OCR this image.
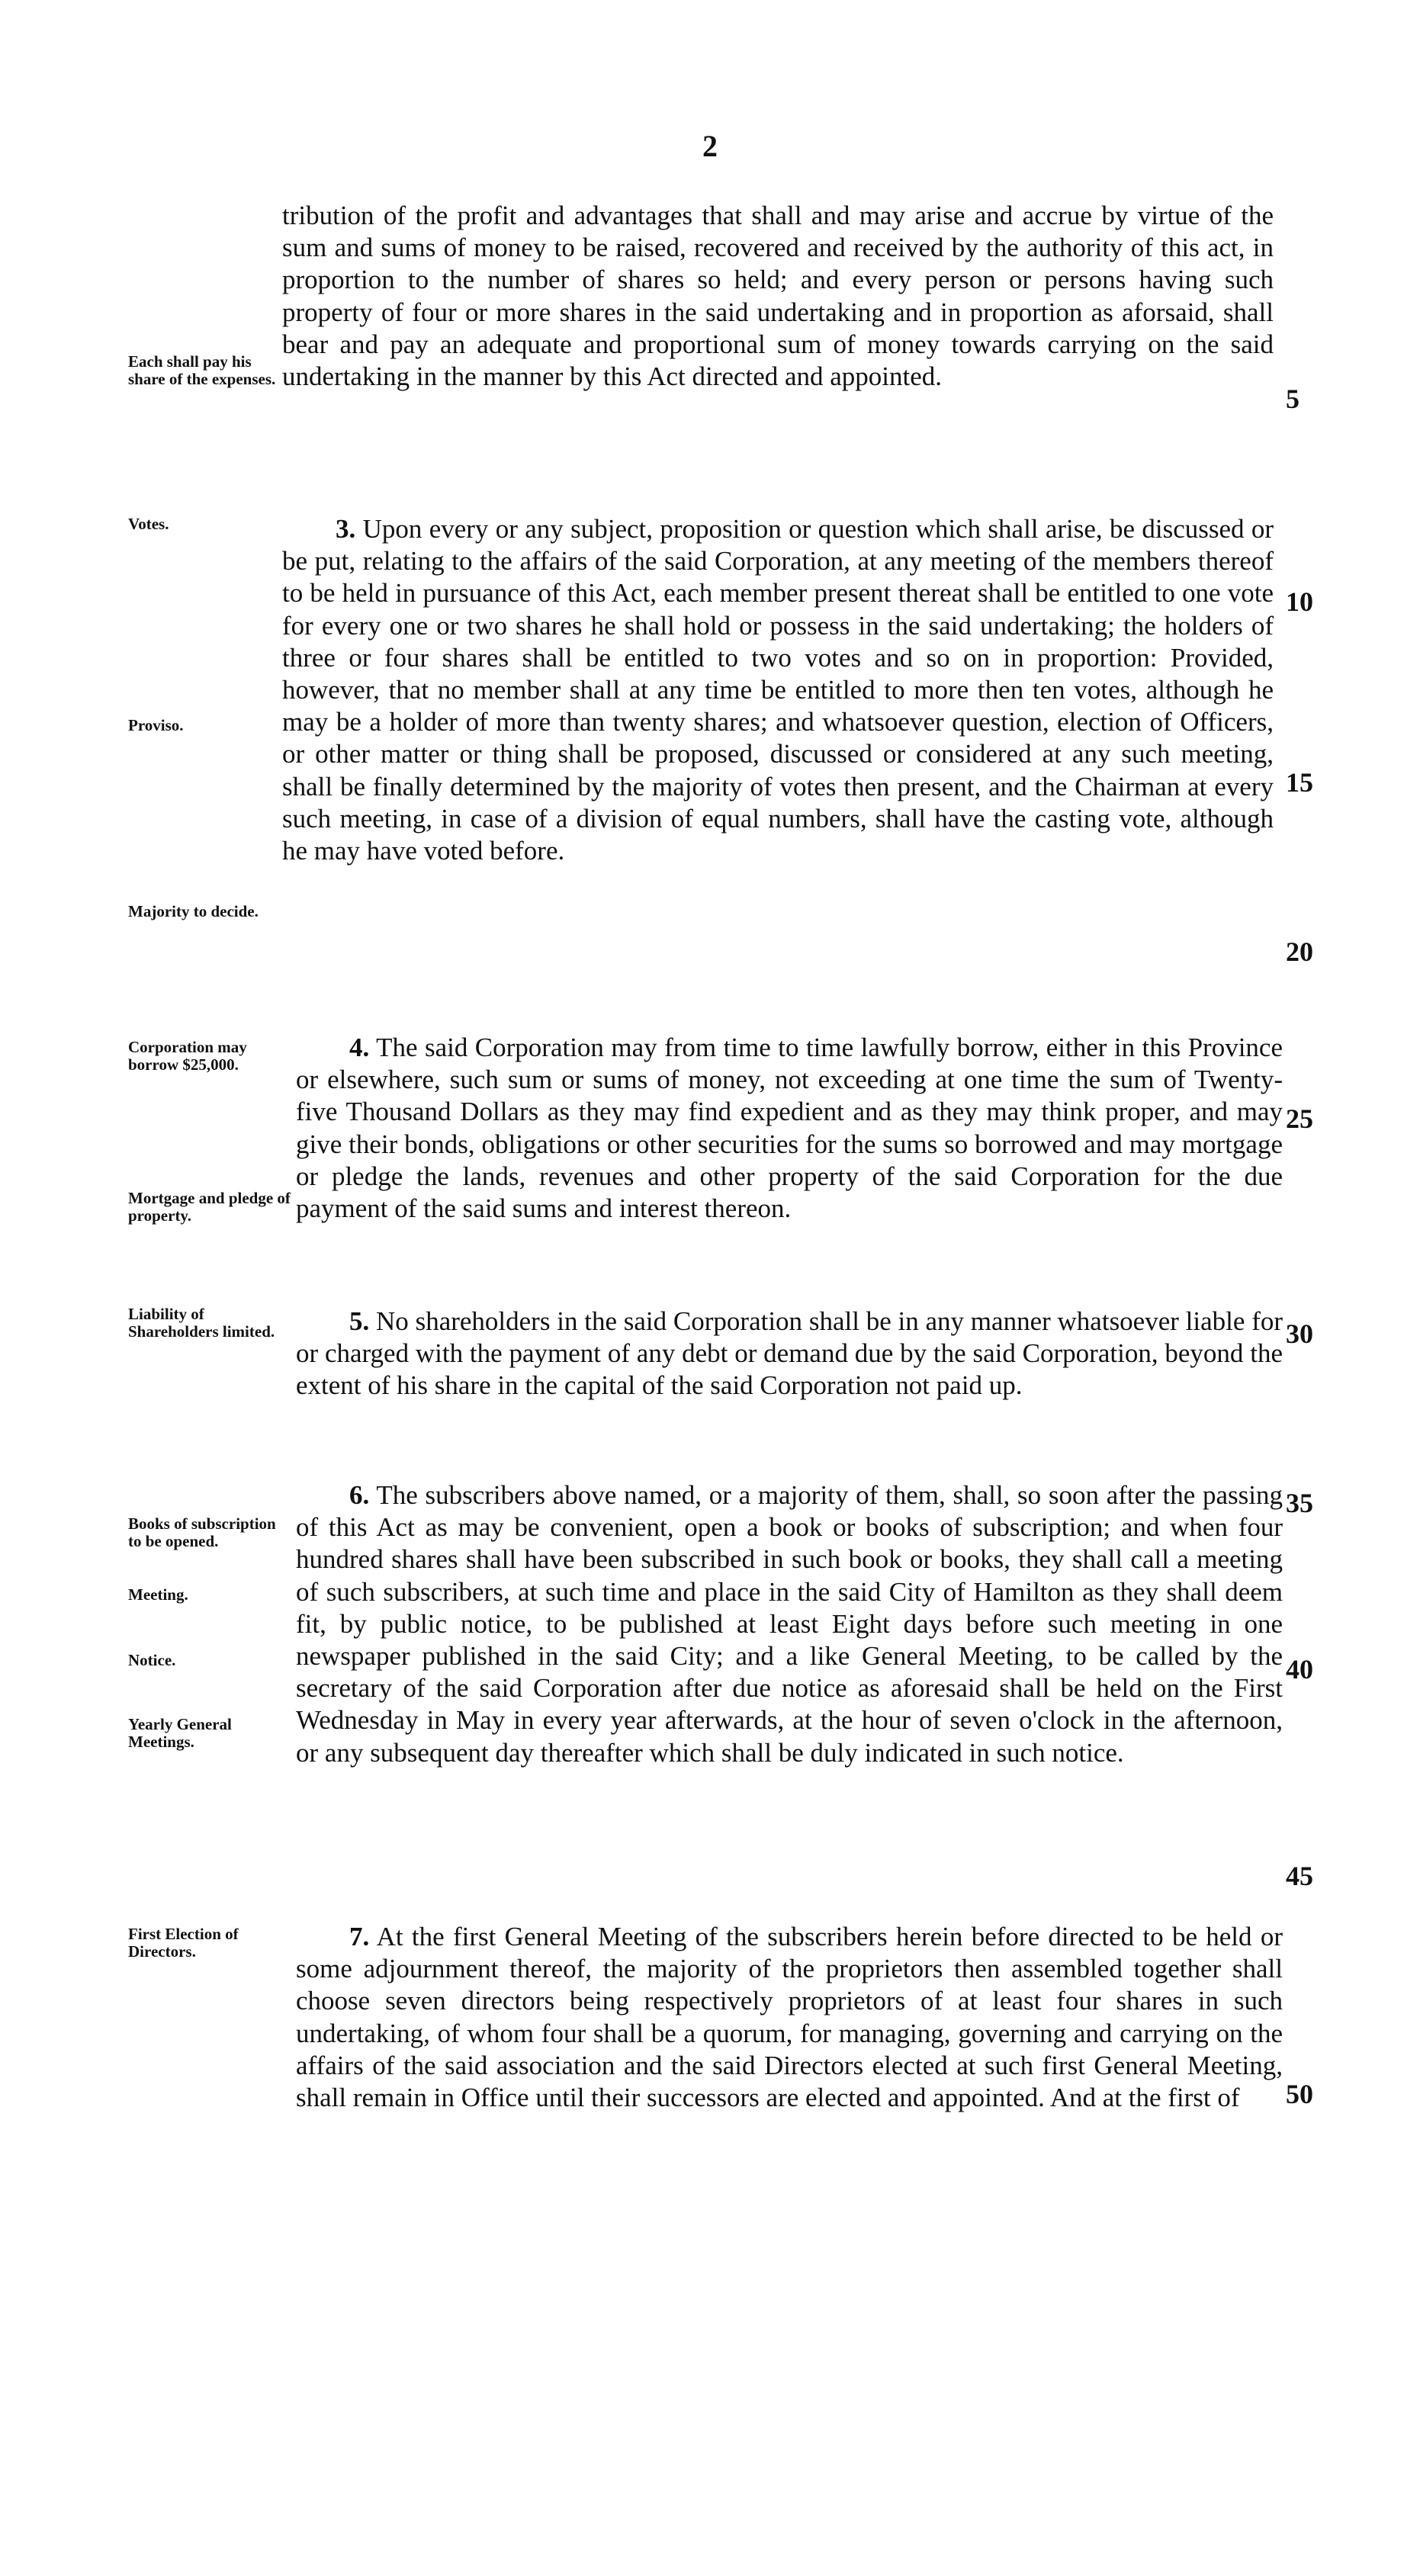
2

tribution of the profit and advantages that shall and may arise and accrue by virtue of the sum and sums of money to be raised, recovered and received by the authority of this act, in proportion to the number of shares so held; and every person or persons having such property of four or more shares in the said undertaking and in proportion as aforsaid, shall bear and pay an adequate and proportional sum of money towards carrying on the said undertaking in the manner by this Act directed and appointed.

Each shall pay his share of the expenses.

3. Upon every or any subject, proposition or question which shall arise, be discussed or be put, relating to the affairs of the said Corporation, at any meeting of the members thereof to be held in pursuance of this Act, each member present thereat shall be entitled to one vote for every one or two shares he shall hold or possess in the said undertaking; the holders of three or four shares shall be entitled to two votes and so on in proportion: Provided, however, that no member shall at any time be entitled to more then ten votes, although he may be a holder of more than twenty shares; and whatsoever question, election of Officers, or other matter or thing shall be proposed, discussed or considered at any such meeting, shall be finally determined by the majority of votes then present, and the Chairman at every such meeting, in case of a division of equal numbers, shall have the casting vote, although he may have voted before.

Votes.
Proviso.
Majority to decide.

4. The said Corporation may from time to time lawfully borrow, either in this Province or elsewhere, such sum or sums of money, not exceeding at one time the sum of Twenty-five Thousand Dollars as they may find expedient and as they may think proper, and may give their bonds, obligations or other securities for the sums so borrowed and may mortgage or pledge the lands, revenues and other property of the said Corporation for the due payment of the said sums and interest thereon.

Corporation may borrow $25,000.
Mortgage and pledge of property.

5. No shareholders in the said Corporation shall be in any manner whatsoever liable for or charged with the payment of any debt or demand due by the said Corporation, beyond the extent of his share in the capital of the said Corporation not paid up.

Liability of Shareholders limited.

6. The subscribers above named, or a majority of them, shall, so soon after the passing of this Act as may be convenient, open a book or books of subscription; and when four hundred shares shall have been subscribed in such book or books, they shall call a meeting of such subscribers, at such time and place in the said City of Hamilton as they shall deem fit, by public notice, to be published at least Eight days before such meeting in one newspaper published in the said City; and a like General Meeting, to be called by the secretary of the said Corporation after due notice as aforesaid shall be held on the First Wednesday in May in every year afterwards, at the hour of seven o'clock in the afternoon, or any subsequent day thereafter which shall be duly indicated in such notice.

Books of subscription to be opened.
Meeting.
Notice.
Yearly General Meetings.

7. At the first General Meeting of the subscribers herein before directed to be held or some adjournment thereof, the majority of the proprietors then assembled together shall choose seven directors being respectively proprietors of at least four shares in such undertaking, of whom four shall be a quorum, for managing, governing and carrying on the affairs of the said association and the said Directors elected at such first General Meeting, shall remain in Office until their successors are elected and appointed. And at the first of

First Election of Directors.
5
10
15
20
25
30
35
40
45
50
